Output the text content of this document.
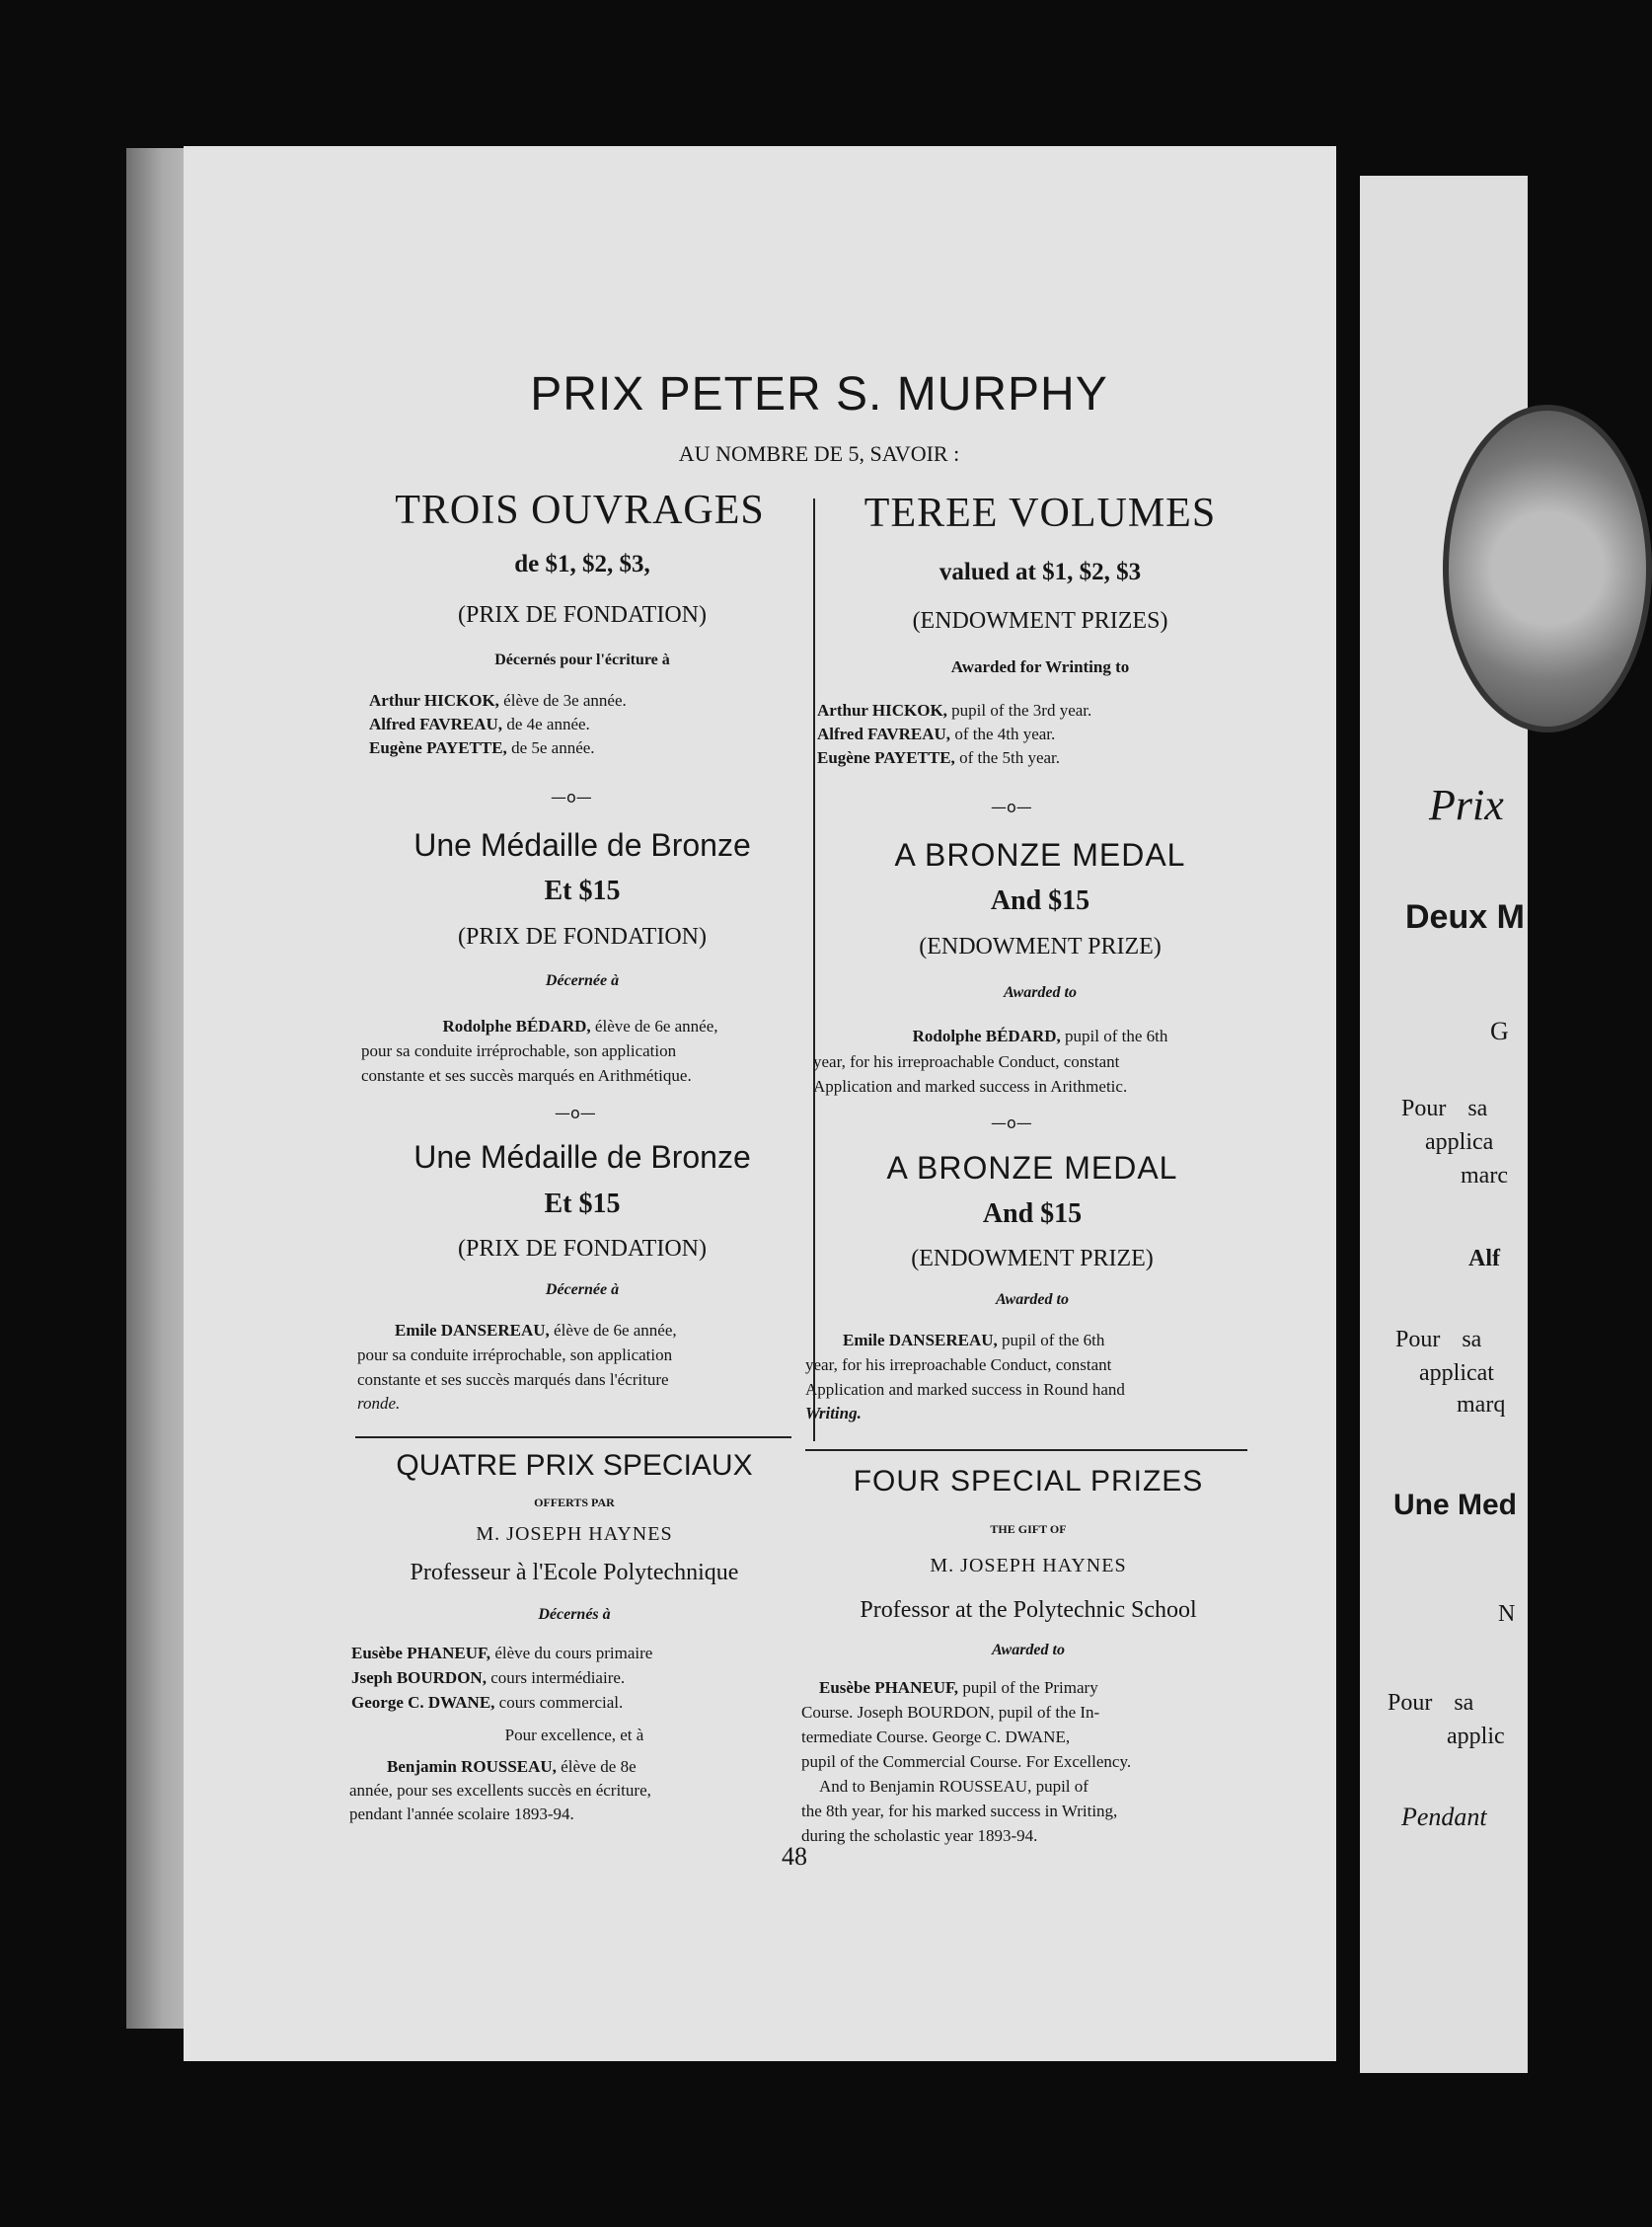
PRIX PETER S. MURPHY
AU NOMBRE DE 5, SAVOIR :
TROIS OUVRAGES
de $1, $2, $3,
(PRIX DE FONDATION)
Décernés pour l'écriture à

Arthur HICKOK, élève de 3e année.

Alfred FAVREAU, de 4e année.

Eugène PAYETTE, de 5e année.

—o—
Une Médaille de Bronze
Et $15
(PRIX DE FONDATION)
Décernée à

Rodolphe BÉDARD, élève de 6e année,

pour sa conduite irréprochable, son application
constante et ses succès marqués en Arithmétique.
—o—
Une Médaille de Bronze
Et $15
(PRIX DE FONDATION)
Décernée à

Emile DANSEREAU, élève de 6e année,

pour sa conduite irréprochable, son application
constante et ses succès marqués dans l'écriture
ronde.
QUATRE PRIX SPECIAUX
OFFERTS PAR
M. JOSEPH HAYNES
Professeur à l'Ecole Polytechnique
Décernés à

Eusèbe PHANEUF, élève du cours primaire

Jseph BOURDON, cours intermédiaire.

George C. DWANE, cours commercial.

Pour excellence, et à

Benjamin ROUSSEAU, élève de 8e

année, pour ses excellents succès en écriture,
pendant l'année scolaire 1893-94.
TEREE VOLUMES
valued at $1, $2, $3
(ENDOWMENT PRIZES)
Awarded for Wrinting to

Arthur HICKOK, pupil of the 3rd year.

Alfred FAVREAU, of the 4th year.

Eugène PAYETTE, of the 5th year.

—o—
A BRONZE MEDAL
And $15
(ENDOWMENT PRIZE)
Awarded to

Rodolphe BÉDARD, pupil of the 6th

year, for his irreproachable Conduct, constant
Application and marked success in Arithmetic.
—o—
A BRONZE MEDAL
And $15
(ENDOWMENT PRIZE)
Awarded to

Emile DANSEREAU, pupil of the 6th

year, for his irreproachable Conduct, constant
Application and marked success in Round hand
Writing.
FOUR SPECIAL PRIZES
THE GIFT OF
M. JOSEPH HAYNES
Professor at the Polytechnic School
Awarded to

Eusèbe PHANEUF, pupil of the Primary

Course. Joseph BOURDON, pupil of the In-
termediate Course. George C. DWANE,
pupil of the Commercial Course. For Excellency.
And to Benjamin ROUSSEAU, pupil of
the 8th year, for his marked success in Writing,
during the scholastic year 1893-94.
48
Prix
Deux M
G
Pour sa
applica
marc
Alf
Pour sa
applicat
marq
Une Med
N
Pour sa
applic
Pendant
